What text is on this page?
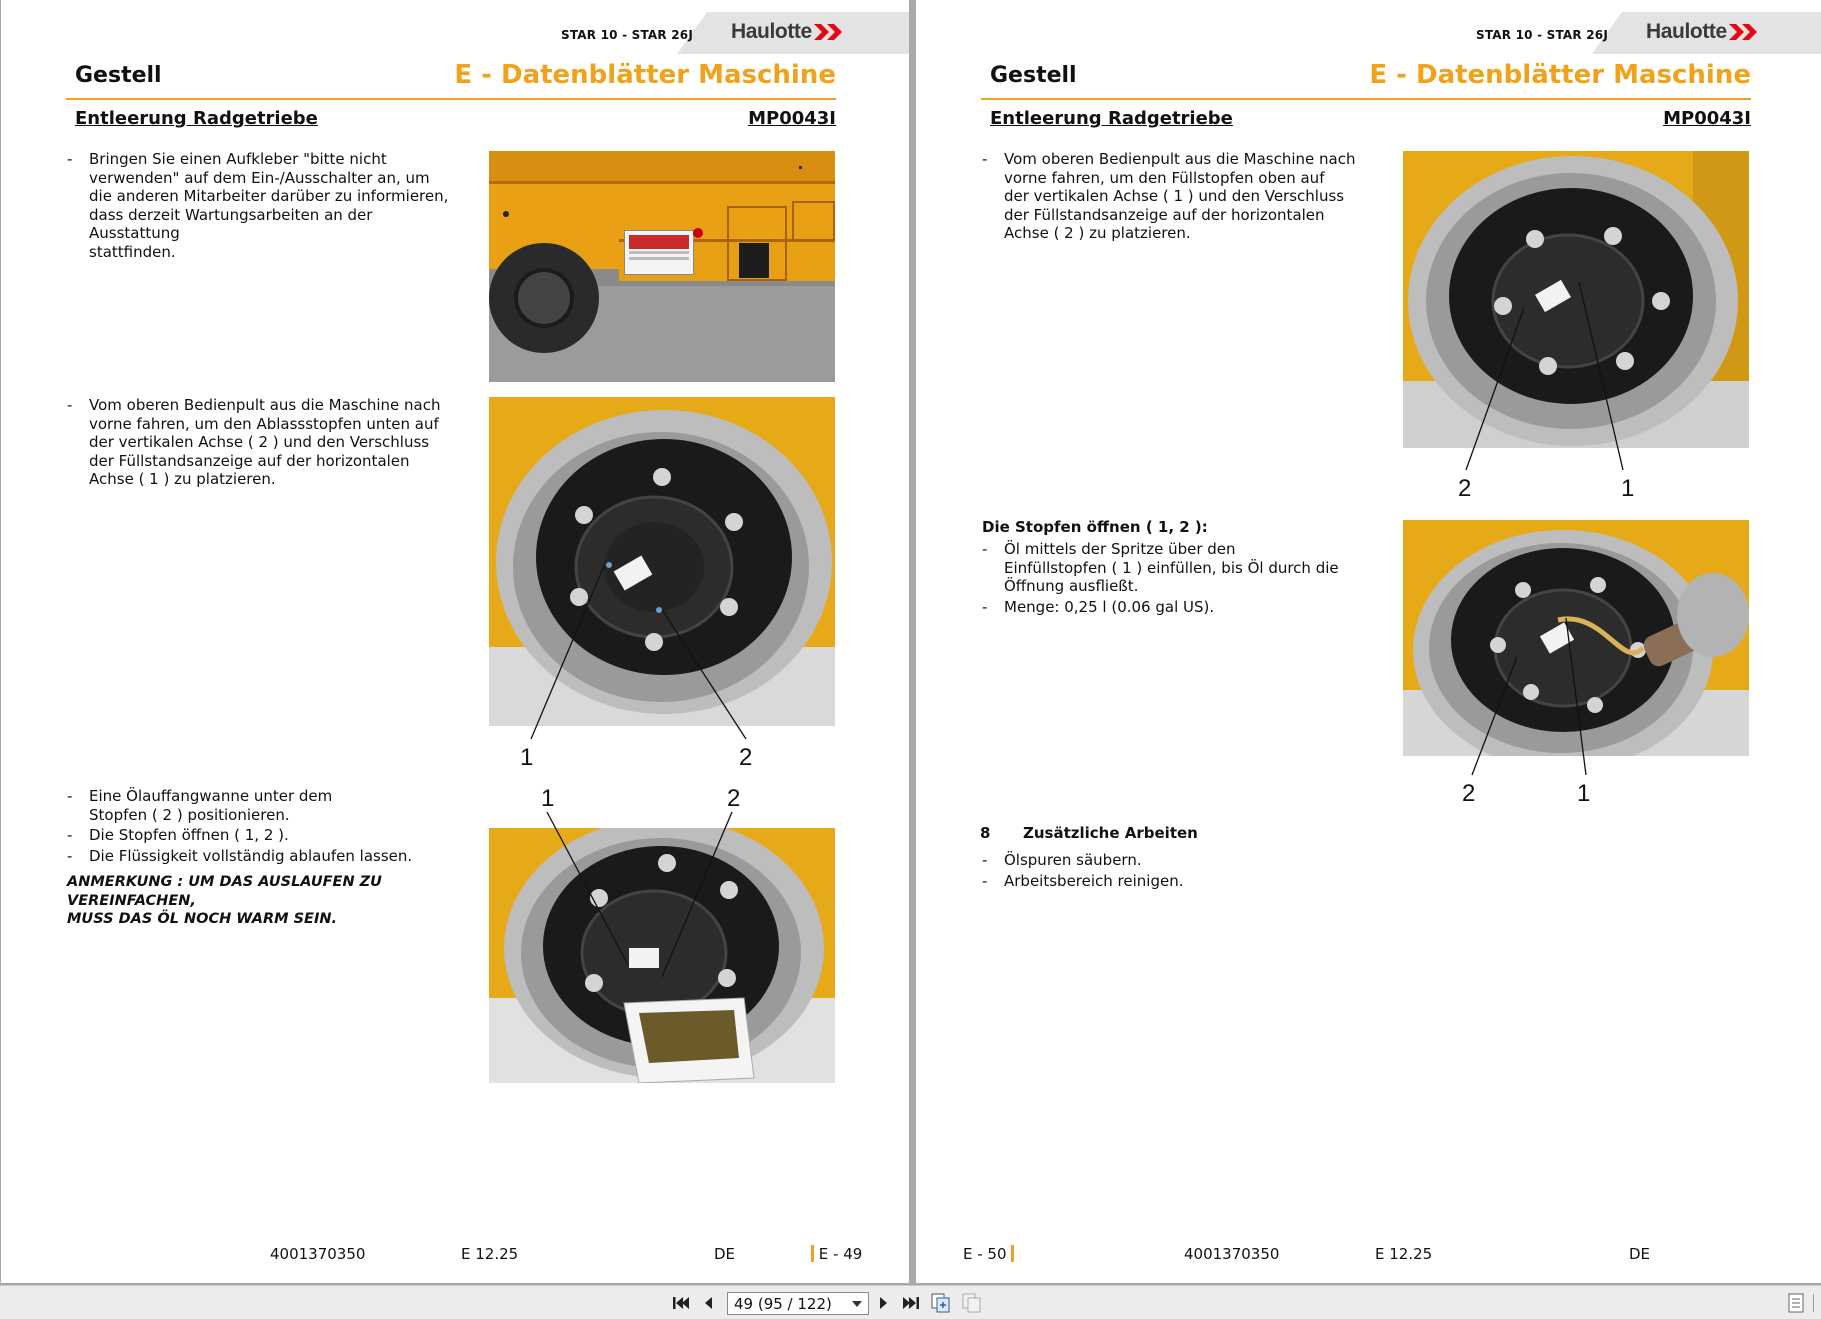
STAR 10 - STAR 26J Haulotte
Gestell	E - Datenblätter Maschine
Entleerung Radgetriebe	MP0043I
- Bringen Sie einen Aufkleber "bitte nicht
verwenden" auf dem Ein-/Ausschalter an, um
die anderen Mitarbeiter darüber zu informieren,
dass derzeit Wartungsarbeiten an der Ausstattung
stattfinden.
- Vom oberen Bedienpult aus die Maschine nach
vorne fahren, um den Ablassstopfen unten auf
der vertikalen Achse ( 2 ) und den Verschluss
der Füllstandsanzeige auf der horizontalen
Achse ( 1 ) zu platzieren.
1	2
- Eine Ölauffangwanne unter dem
Stopfen ( 2 ) positionieren.
- Die Stopfen öffnen ( 1, 2 ).
- Die Flüssigkeit vollständig ablaufen lassen.
ANMERKUNG : UM DAS AUSLAUFEN ZU VEREINFACHEN,
MUSS DAS ÖL NOCH WARM SEIN.
1	2
4001370350	E 12.25	DE	E - 49
STAR 10 - STAR 26J Haulotte
Gestell	E - Datenblätter Maschine
Entleerung Radgetriebe	MP0043I
- Vom oberen Bedienpult aus die Maschine nach
vorne fahren, um den Füllstopfen oben auf
der vertikalen Achse ( 1 ) und den Verschluss
der Füllstandsanzeige auf der horizontalen
Achse ( 2 ) zu platzieren.
2	1
Die Stopfen öffnen ( 1, 2 ):
- Öl mittels der Spritze über den
Einfüllstopfen ( 1 ) einfüllen, bis Öl durch die
Öffnung ausfließt.
- Menge: 0,25 l (0.06 gal US).
2	1
8 Zusätzliche Arbeiten
- Ölspuren säubern.
- Arbeitsbereich reinigen.
E - 50	4001370350	E 12.25	DE
49 (95 / 122)
